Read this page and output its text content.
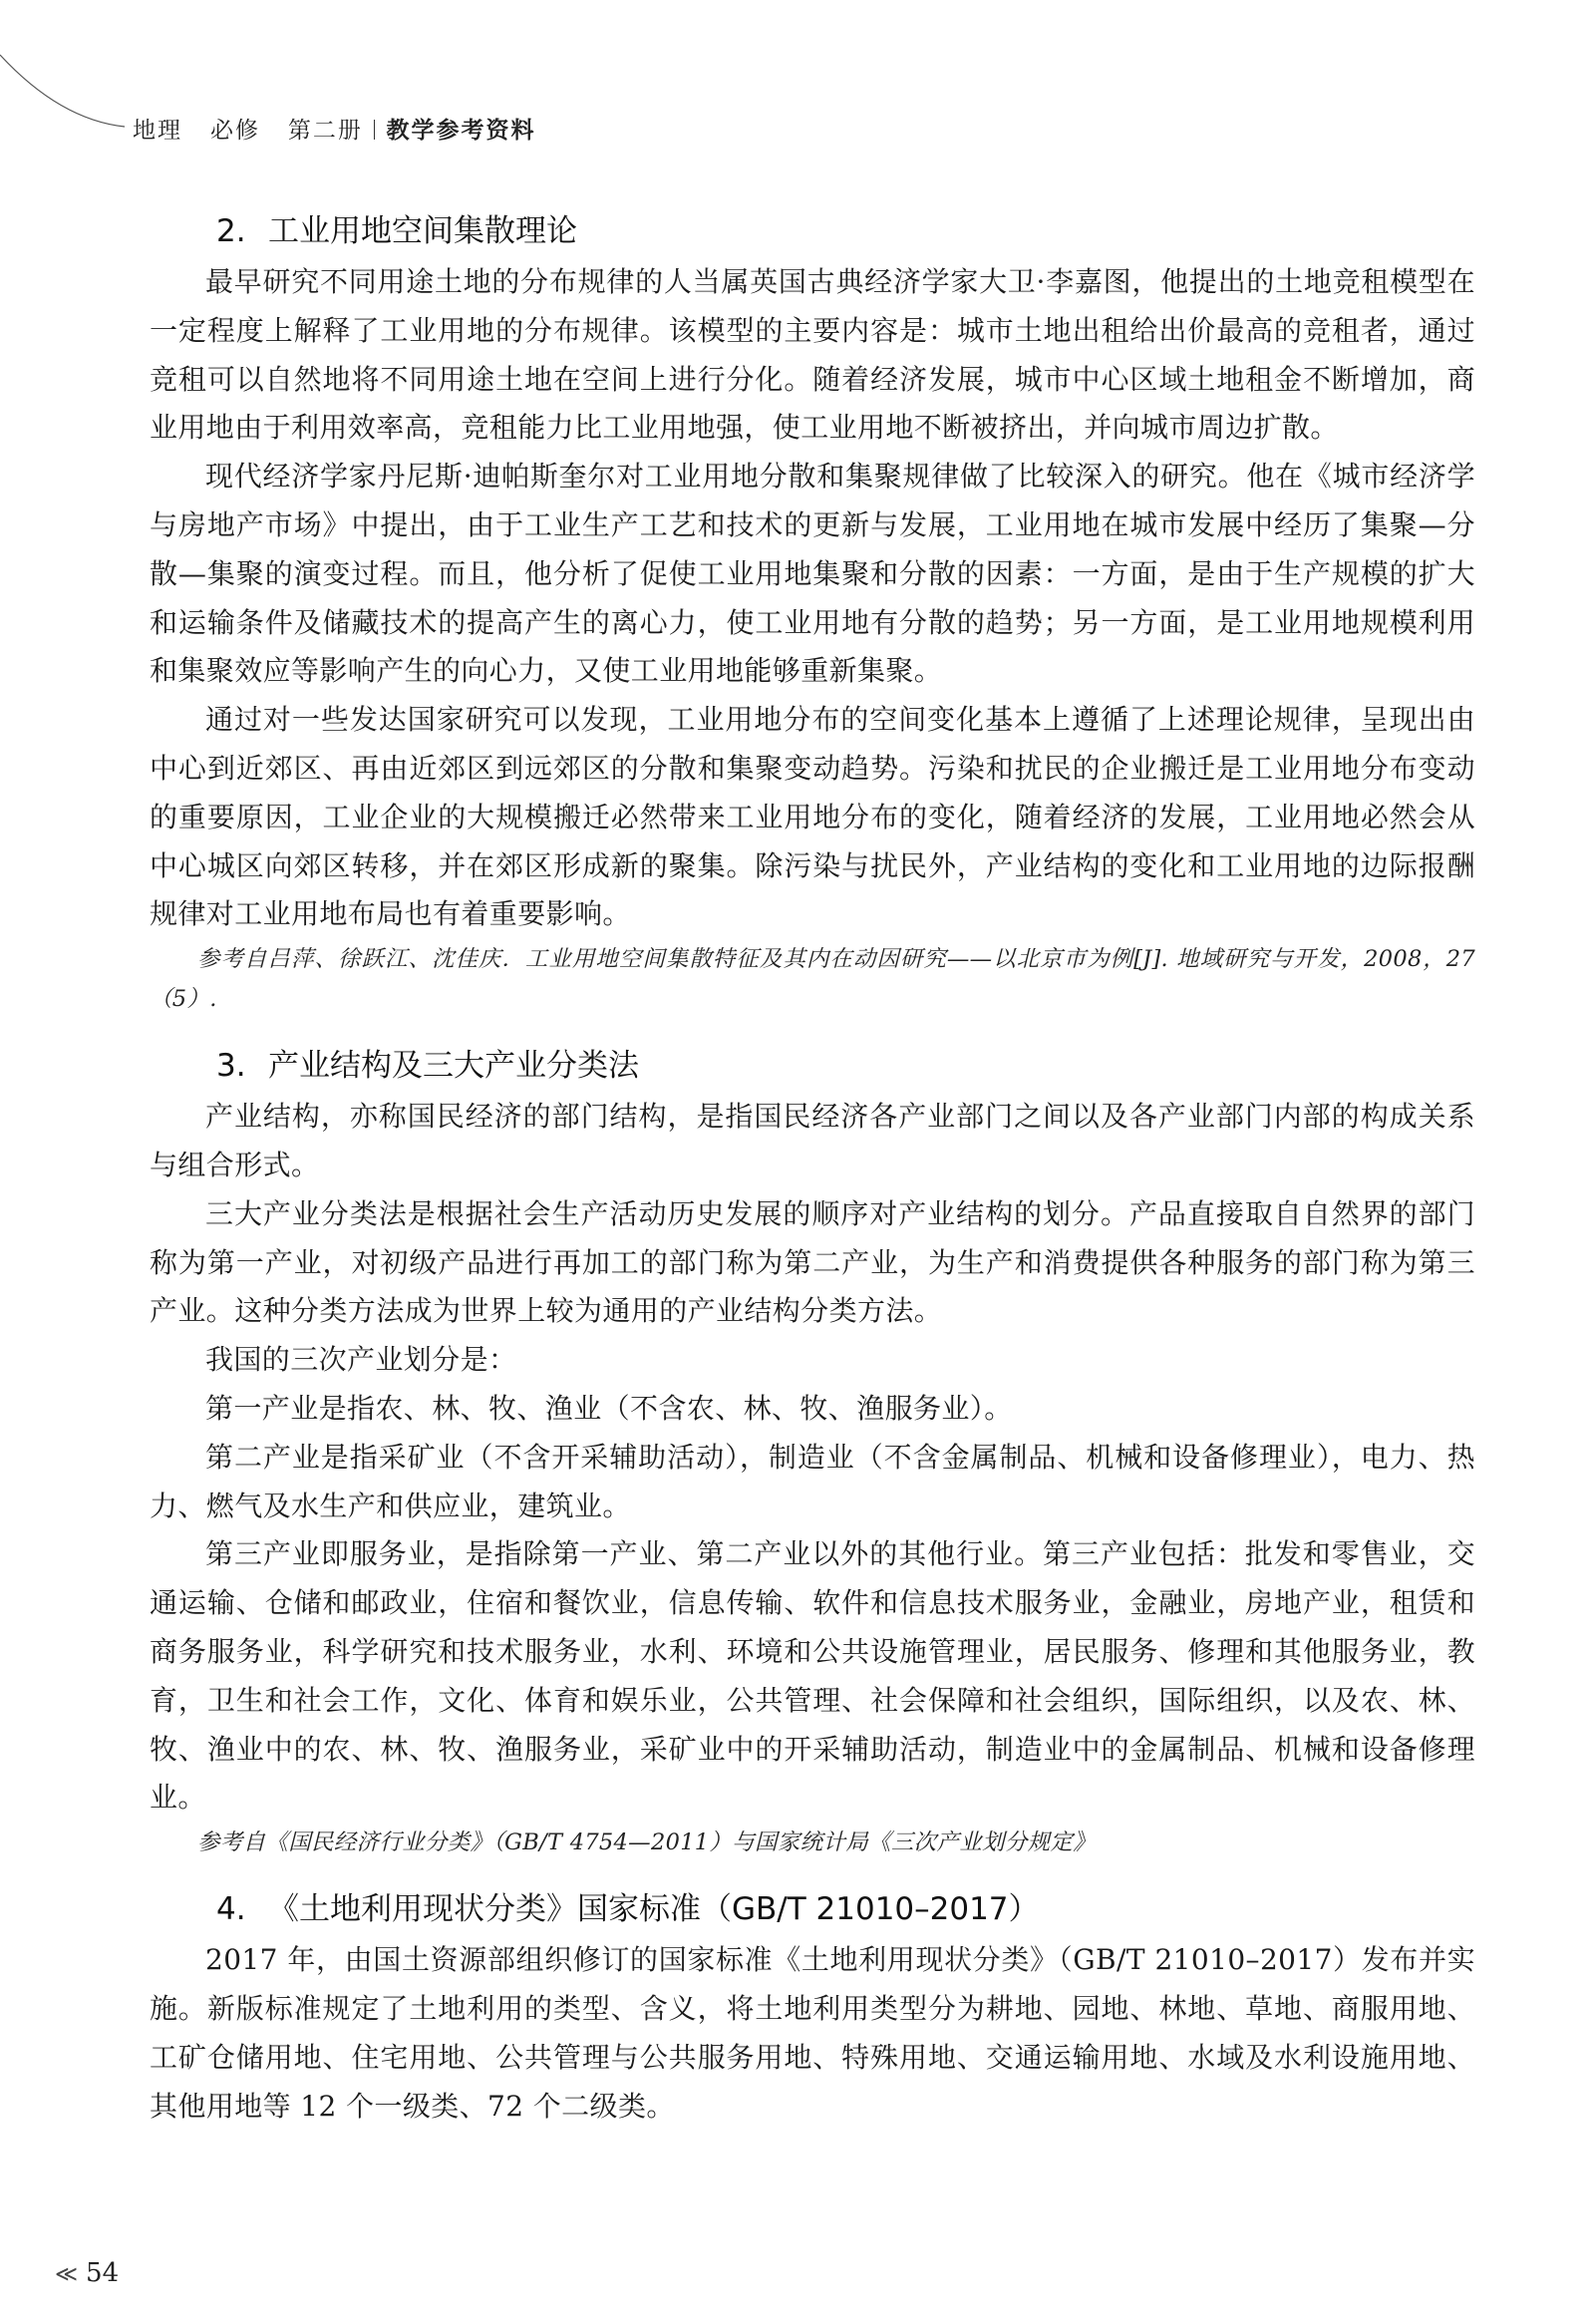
地理 必修 第二册 教学参考资料
2. 工业用地空间集散理论

最早研究不同用途土地的分布规律的人当属英国古典经济学家大卫·李嘉图，他提出的土地竞租模型在一定程度上解释了工业用地的分布规律。该模型的主要内容是：城市土地出租给出价最高的竞租者，通过竞租可以自然地将不同用途土地在空间上进行分化。随着经济发展，城市中心区域土地租金不断增加，商业用地由于利用效率高，竞租能力比工业用地强，使工业用地不断被挤出，并向城市周边扩散。

现代经济学家丹尼斯·迪帕斯奎尔对工业用地分散和集聚规律做了比较深入的研究。他在《城市经济学与房地产市场》中提出，由于工业生产工艺和技术的更新与发展，工业用地在城市发展中经历了集聚—分散—集聚的演变过程。而且，他分析了促使工业用地集聚和分散的因素：一方面，是由于生产规模的扩大和运输条件及储藏技术的提高产生的离心力，使工业用地有分散的趋势；另一方面，是工业用地规模利用和集聚效应等影响产生的向心力，又使工业用地能够重新集聚。

通过对一些发达国家研究可以发现，工业用地分布的空间变化基本上遵循了上述理论规律，呈现出由中心到近郊区、再由近郊区到远郊区的分散和集聚变动趋势。污染和扰民的企业搬迁是工业用地分布变动的重要原因，工业企业的大规模搬迁必然带来工业用地分布的变化，随着经济的发展，工业用地必然会从中心城区向郊区转移，并在郊区形成新的聚集。除污染与扰民外，产业结构的变化和工业用地的边际报酬规律对工业用地布局也有着重要影响。

参考自吕萍、徐跃江、沈佳庆．工业用地空间集散特征及其内在动因研究——以北京市为例[J]. 地域研究与开发，2008，27（5）.
3. 产业结构及三大产业分类法

产业结构，亦称国民经济的部门结构，是指国民经济各产业部门之间以及各产业部门内部的构成关系与组合形式。

三大产业分类法是根据社会生产活动历史发展的顺序对产业结构的划分。产品直接取自自然界的部门称为第一产业，对初级产品进行再加工的部门称为第二产业，为生产和消费提供各种服务的部门称为第三产业。这种分类方法成为世界上较为通用的产业结构分类方法。

我国的三次产业划分是：

第一产业是指农、林、牧、渔业（不含农、林、牧、渔服务业）。

第二产业是指采矿业（不含开采辅助活动），制造业（不含金属制品、机械和设备修理业），电力、热力、燃气及水生产和供应业，建筑业。

第三产业即服务业，是指除第一产业、第二产业以外的其他行业。第三产业包括：批发和零售业，交通运输、仓储和邮政业，住宿和餐饮业，信息传输、软件和信息技术服务业，金融业，房地产业，租赁和商务服务业，科学研究和技术服务业，水利、环境和公共设施管理业，居民服务、修理和其他服务业，教育，卫生和社会工作，文化、体育和娱乐业，公共管理、社会保障和社会组织，国际组织，以及农、林、牧、渔业中的农、林、牧、渔服务业，采矿业中的开采辅助活动，制造业中的金属制品、机械和设备修理业。

参考自《国民经济行业分类》（GB/T 4754—2011）与国家统计局《三次产业划分规定》
4. 《土地利用现状分类》国家标准（GB/T 21010–2017）

2017 年，由国土资源部组织修订的国家标准《土地利用现状分类》（GB/T 21010–2017）发布并实施。新版标准规定了土地利用的类型、含义，将土地利用类型分为耕地、园地、林地、草地、商服用地、工矿仓储用地、住宅用地、公共管理与公共服务用地、特殊用地、交通运输用地、水域及水利设施用地、其他用地等 12 个一级类、72 个二级类。

≪ 54
